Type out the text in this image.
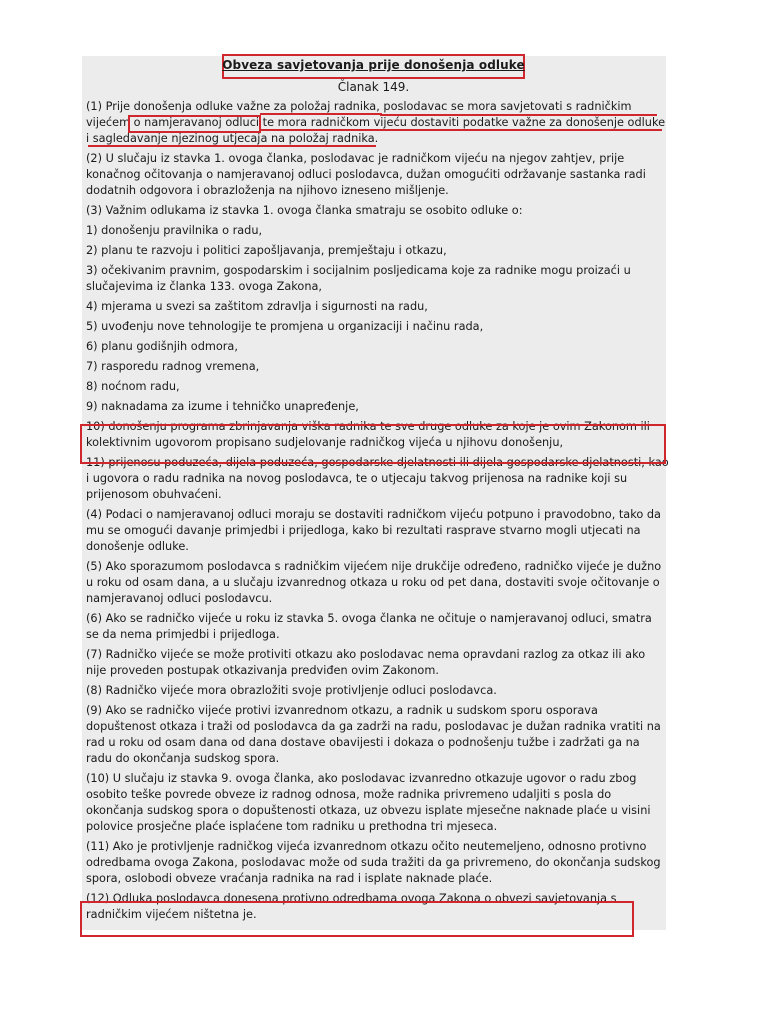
Obveza savjetovanja prije donošenja odluke
Članak 149.
(1) Prije donošenja odluke važne za položaj radnika, poslodavac se mora savjetovati s radničkim
vijećem o namjeravanoj odluci te mora radničkom vijeću dostaviti podatke važne za donošenje odluke
i sagledavanje njezinog utjecaja na položaj radnika.
(2) U slučaju iz stavka 1. ovoga članka, poslodavac je radničkom vijeću na njegov zahtjev, prije
konačnog očitovanja o namjeravanoj odluci poslodavca, dužan omogućiti održavanje sastanka radi
dodatnih odgovora i obrazloženja na njihovo izneseno mišljenje.
(3) Važnim odlukama iz stavka 1. ovoga članka smatraju se osobito odluke o:
1) donošenju pravilnika o radu,
2) planu te razvoju i politici zapošljavanja, premještaju i otkazu,
3) očekivanim pravnim, gospodarskim i socijalnim posljedicama koje za radnike mogu proizaći u
slučajevima iz članka 133. ovoga Zakona,
4) mjerama u svezi sa zaštitom zdravlja i sigurnosti na radu,
5) uvođenju nove tehnologije te promjena u organizaciji i načinu rada,
6) planu godišnjih odmora,
7) rasporedu radnog vremena,
8) noćnom radu,
9) naknadama za izume i tehničko unapređenje,
10) donošenju programa zbrinjavanja viška radnika te sve druge odluke za koje je ovim Zakonom ili
kolektivnim ugovorom propisano sudjelovanje radničkog vijeća u njihovu donošenju,
11) prijenosu poduzeća, dijela poduzeća, gospodarske djelatnosti ili dijela gospodarske djelatnosti, kao
i ugovora o radu radnika na novog poslodavca, te o utjecaju takvog prijenosa na radnike koji su
prijenosom obuhvaćeni.
(4) Podaci o namjeravanoj odluci moraju se dostaviti radničkom vijeću potpuno i pravodobno, tako da
mu se omogući davanje primjedbi i prijedloga, kako bi rezultati rasprave stvarno mogli utjecati na
donošenje odluke.
(5) Ako sporazumom poslodavca s radničkim vijećem nije drukčije određeno, radničko vijeće je dužno
u roku od osam dana, a u slučaju izvanrednog otkaza u roku od pet dana, dostaviti svoje očitovanje o
namjeravanoj odluci poslodavcu.
(6) Ako se radničko vijeće u roku iz stavka 5. ovoga članka ne očituje o namjeravanoj odluci, smatra
se da nema primjedbi i prijedloga.
(7) Radničko vijeće se može protiviti otkazu ako poslodavac nema opravdani razlog za otkaz ili ako
nije proveden postupak otkazivanja predviđen ovim Zakonom.
(8) Radničko vijeće mora obrazložiti svoje protivljenje odluci poslodavca.
(9) Ako se radničko vijeće protivi izvanrednom otkazu, a radnik u sudskom sporu osporava
dopuštenost otkaza i traži od poslodavca da ga zadrži na radu, poslodavac je dužan radnika vratiti na
rad u roku od osam dana od dana dostave obavijesti i dokaza o podnošenju tužbe i zadržati ga na
radu do okončanja sudskog spora.
(10) U slučaju iz stavka 9. ovoga članka, ako poslodavac izvanredno otkazuje ugovor o radu zbog
osobito teške povrede obveze iz radnog odnosa, može radnika privremeno udaljiti s posla do
okončanja sudskog spora o dopuštenosti otkaza, uz obvezu isplate mjesečne naknade plaće u visini
polovice prosječne plaće isplaćene tom radniku u prethodna tri mjeseca.
(11) Ako je protivljenje radničkog vijeća izvanrednom otkazu očito neutemeljeno, odnosno protivno
odredbama ovoga Zakona, poslodavac može od suda tražiti da ga privremeno, do okončanja sudskog
spora, oslobodi obveze vraćanja radnika na rad i isplate naknade plaće.
(12) Odluka poslodavca donesena protivno odredbama ovoga Zakona o obvezi savjetovanja s
radničkim vijećem ništetna je.
